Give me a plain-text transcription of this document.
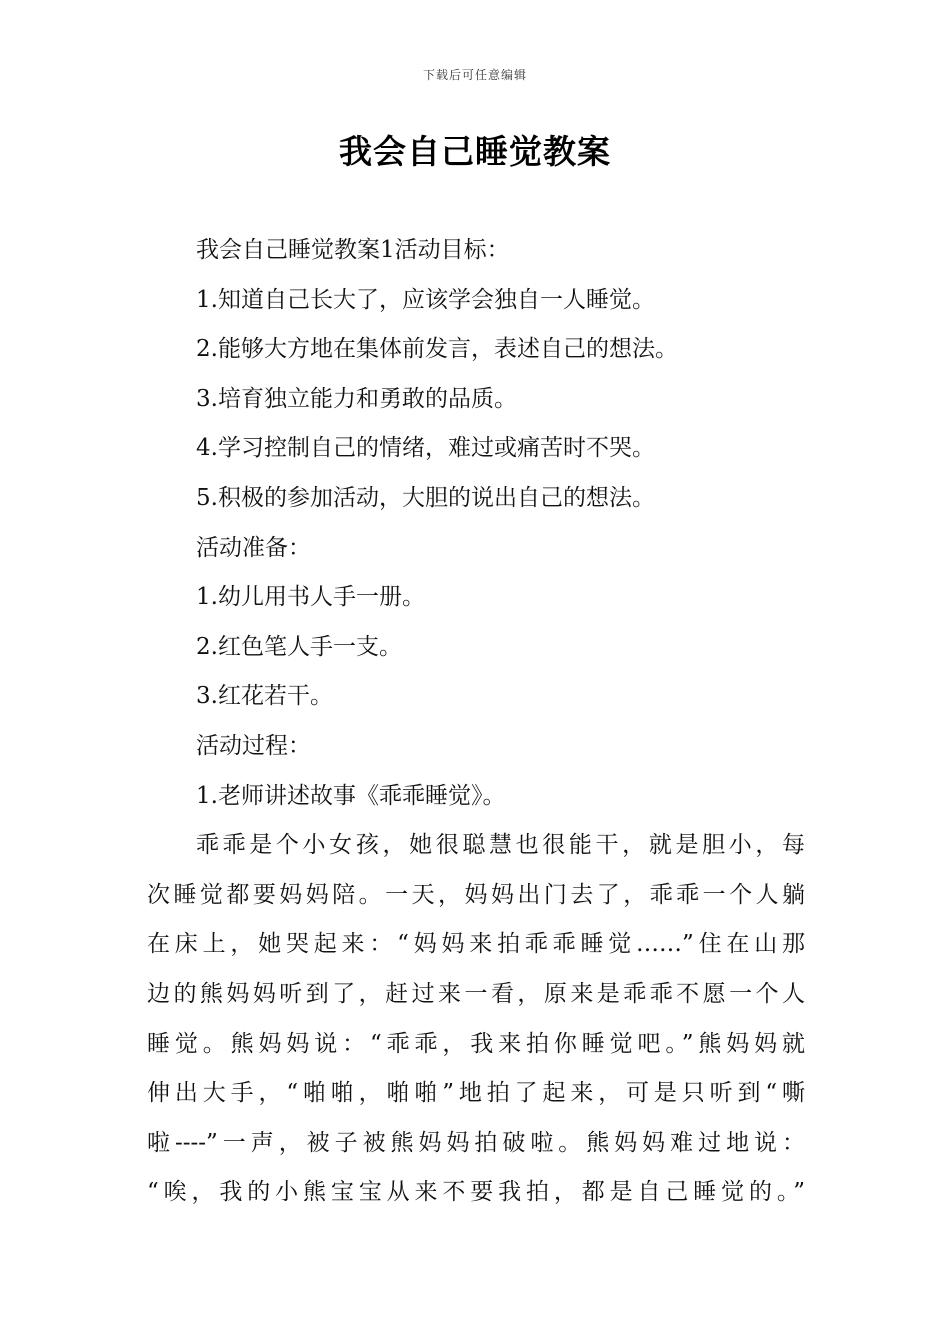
下载后可任意编辑
我会自己睡觉教案

我会自己睡觉教案1活动目标：

1.知道自己长大了，应该学会独自一人睡觉。

2.能够大方地在集体前发言，表述自己的想法。

3.培育独立能力和勇敢的品质。

4.学习控制自己的情绪，难过或痛苦时不哭。

5.积极的参加活动，大胆的说出自己的想法。

活动准备：

1.幼儿用书人手一册。

2.红色笔人手一支。

3.红花若干。

活动过程：

1.老师讲述故事《乖乖睡觉》。

乖乖是个小女孩，她很聪慧也很能干，就是胆小，每
次睡觉都要妈妈陪。一天，妈妈出门去了，乖乖一个人躺
在床上，她哭起来：“妈妈来拍乖乖睡觉……”住在山那
边的熊妈妈听到了，赶过来一看，原来是乖乖不愿一个人
睡觉。熊妈妈说：“乖乖，我来拍你睡觉吧。”熊妈妈就
伸出大手，“啪啪，啪啪”地拍了起来，可是只听到“嘶
啦----”一声，被子被熊妈妈拍破啦。熊妈妈难过地说：
“唉，我的小熊宝宝从来不要我拍，都是自己睡觉的。”
